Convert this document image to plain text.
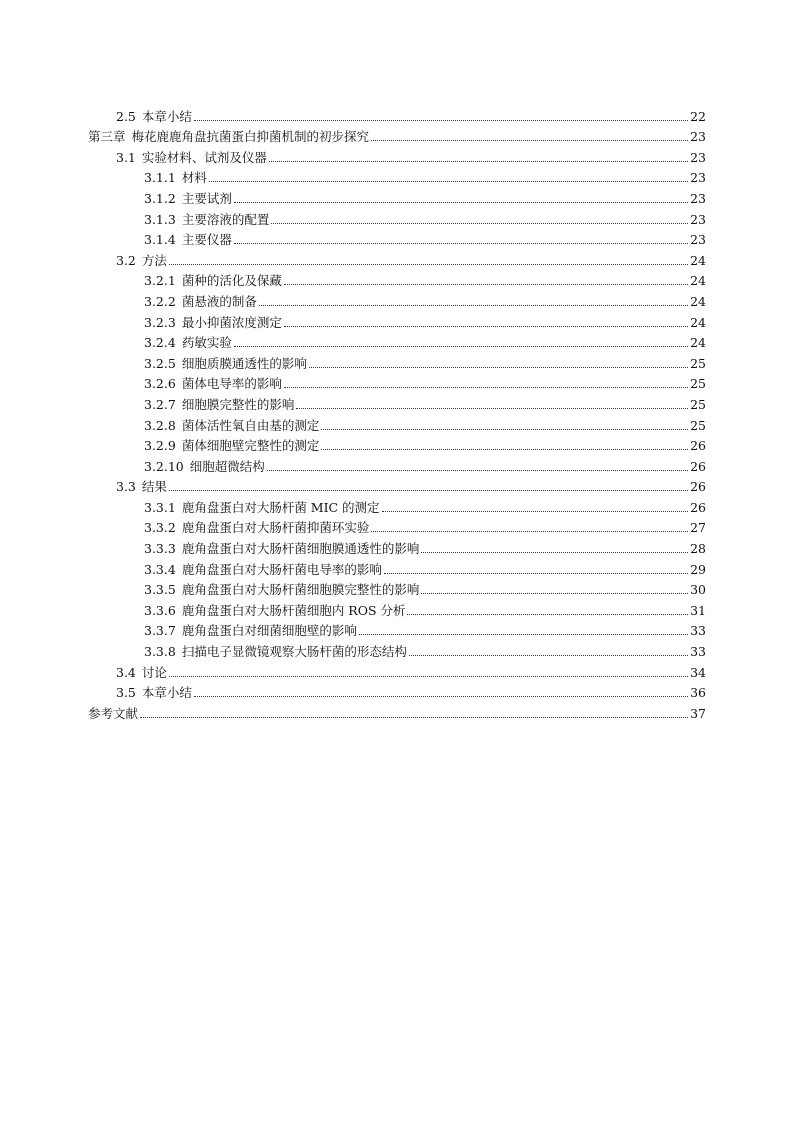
2.5 本章小结	22
第三章 梅花鹿鹿角盘抗菌蛋白抑菌机制的初步探究	23
3.1 实验材料、试剂及仪器	23
3.1.1 材料	23
3.1.2 主要试剂	23
3.1.3 主要溶液的配置	23
3.1.4 主要仪器	23
3.2 方法	24
3.2.1 菌种的活化及保藏	24
3.2.2 菌悬液的制备	24
3.2.3 最小抑菌浓度测定	24
3.2.4 药敏实验	24
3.2.5 细胞质膜通透性的影响	25
3.2.6 菌体电导率的影响	25
3.2.7 细胞膜完整性的影响	25
3.2.8 菌体活性氧自由基的测定	25
3.2.9 菌体细胞壁完整性的测定	26
3.2.10 细胞超微结构	26
3.3 结果	26
3.3.1 鹿角盘蛋白对大肠杆菌 MIC 的测定	26
3.3.2 鹿角盘蛋白对大肠杆菌抑菌环实验	27
3.3.3 鹿角盘蛋白对大肠杆菌细胞膜通透性的影响	28
3.3.4 鹿角盘蛋白对大肠杆菌电导率的影响	29
3.3.5 鹿角盘蛋白对大肠杆菌细胞膜完整性的影响	30
3.3.6 鹿角盘蛋白对大肠杆菌细胞内 ROS 分析	31
3.3.7 鹿角盘蛋白对细菌细胞壁的影响	33
3.3.8 扫描电子显微镜观察大肠杆菌的形态结构	33
3.4 讨论	34
3.5 本章小结	36
参考文献	37
